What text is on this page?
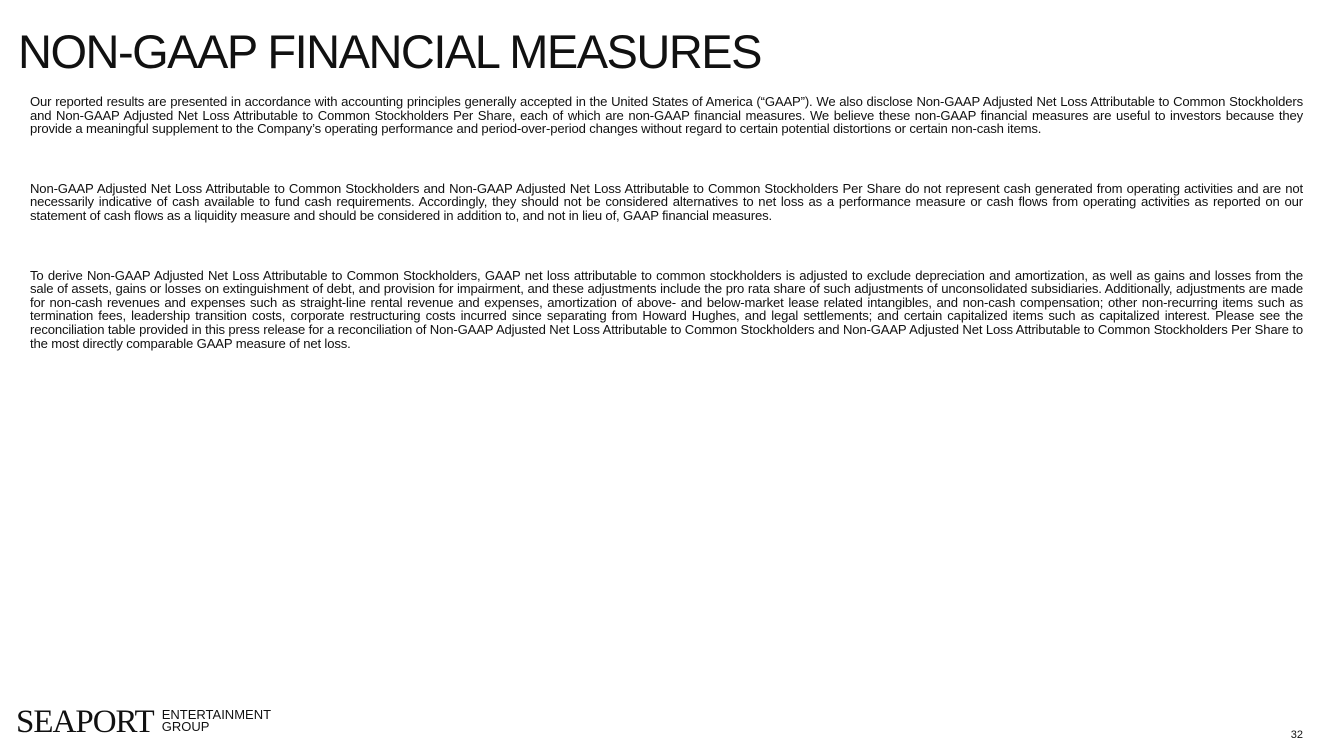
NON-GAAP FINANCIAL MEASURES

Our reported results are presented in accordance with accounting principles generally accepted in the United States of America (“GAAP”). We also disclose Non-GAAP Adjusted Net Loss Attributable to Common Stockholders and Non-GAAP Adjusted Net Loss Attributable to Common Stockholders Per Share, each of which are non-GAAP financial measures. We believe these non-GAAP financial measures are useful to investors because they provide a meaningful supplement to the Company’s operating performance and period-over-period changes without regard to certain potential distortions or certain non-cash items.

Non-GAAP Adjusted Net Loss Attributable to Common Stockholders and Non-GAAP Adjusted Net Loss Attributable to Common Stockholders Per Share do not represent cash generated from operating activities and are not necessarily indicative of cash available to fund cash requirements. Accordingly, they should not be considered alternatives to net loss as a performance measure or cash flows from operating activities as reported on our statement of cash flows as a liquidity measure and should be considered in addition to, and not in lieu of, GAAP financial measures.

To derive Non-GAAP Adjusted Net Loss Attributable to Common Stockholders, GAAP net loss attributable to common stockholders is adjusted to exclude depreciation and amortization, as well as gains and losses from the sale of assets, gains or losses on extinguishment of debt, and provision for impairment, and these adjustments include the pro rata share of such adjustments of unconsolidated subsidiaries. Additionally, adjustments are made for non-cash revenues and expenses such as straight-line rental revenue and expenses, amortization of above- and below-market lease related intangibles, and non-cash compensation; other non-recurring items such as termination fees, leadership transition costs, corporate restructuring costs incurred since separating from Howard Hughes, and legal settlements; and certain capitalized items such as capitalized interest. Please see the reconciliation table provided in this press release for a reconciliation of Non-GAAP Adjusted Net Loss Attributable to Common Stockholders and Non-GAAP Adjusted Net Loss Attributable to Common Stockholders Per Share to the most directly comparable GAAP measure of net loss.

SEAPORT ENTERTAINMENT
GROUP
32
